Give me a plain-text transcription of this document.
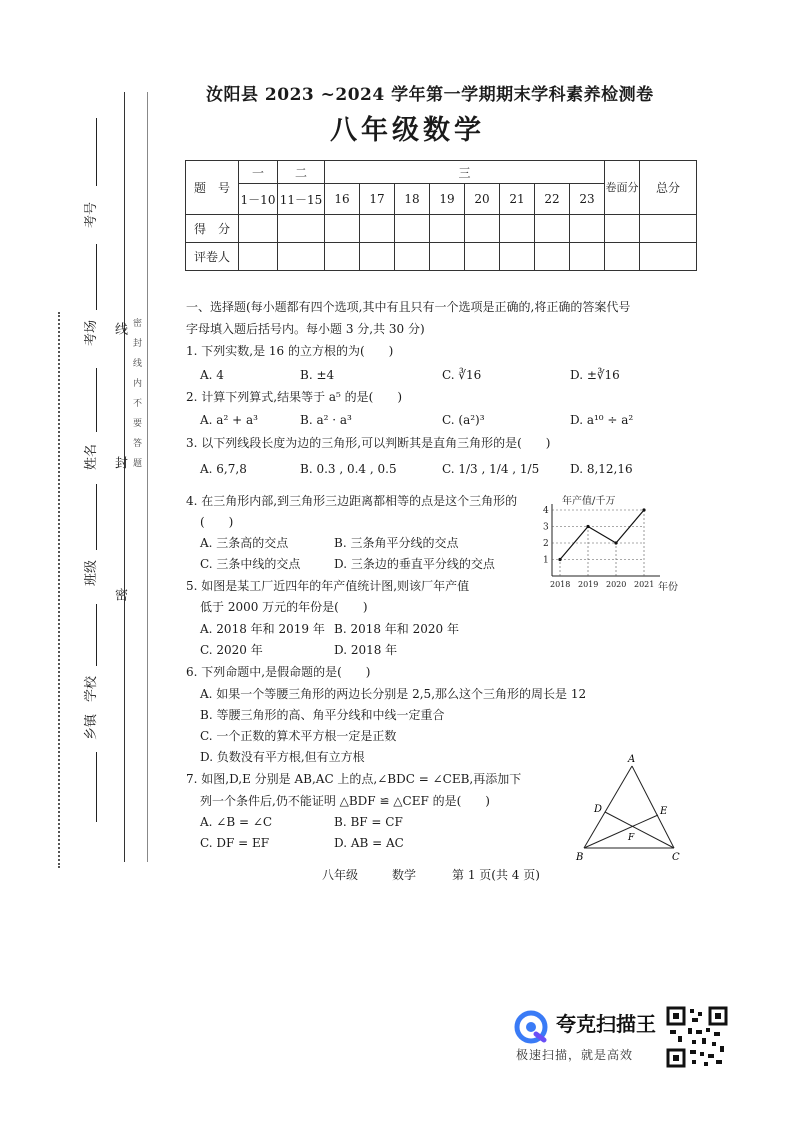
考号
考场
姓名
班级
学校
乡镇
线
封
密
密　封　线　内　不　要　答　题
汝阳县 2023 ~2024 学年第一学期期末学科素养检测卷
八年级数学
题　号	一	二	三								卷面分	总分
	1－10	11－15	16	17	18	19	20	21	22	23		
得　分												
评卷人												
一、选择题(每小题都有四个选项,其中有且只有一个选项是正确的,将正确的答案代号
字母填入题后括号内。每小题 3 分,共 30 分)
1. 下列实数,是 16 的立方根的为(　　)
A. 4	B. ±4	C. ∛16	D. ±∛16
2. 计算下列算式,结果等于 a⁵ 的是(　　)
A. a² + a³	B. a² · a³	C. (a²)³	D. a¹⁰ ÷ a²
3. 以下列线段长度为边的三角形,可以判断其是直角三角形的是(　　)
A. 6,7,8	B. 0.3 , 0.4 , 0.5	C. 1/3 , 1/4 , 1/5	D. 8,12,16
4. 在三角形内部,到三角形三边距离都相等的点是这个三角形的
(　　)
A. 三条高的交点	B. 三条角平分线的交点
C. 三条中线的交点	D. 三条边的垂直平分线的交点
5. 如图是某工厂近四年的年产值统计图,则该厂年产值
低于 2000 万元的年份是(　　)
A. 2018 年和 2019 年 B. 2018 年和 2020 年
C. 2020 年	D. 2018 年
6. 下列命题中,是假命题的是(　　)
A. 如果一个等腰三角形的两边长分别是 2,5,那么这个三角形的周长是 12
B. 等腰三角形的高、角平分线和中线一定重合
C. 一个正数的算术平方根一定是正数
D. 负数没有平方根,但有立方根
7. 如图,D,E 分别是 AB,AC 上的点,∠BDC = ∠CEB,再添加下
列一个条件后,仍不能证明 △BDF ≌ △CEF 的是(　　)
A. ∠B = ∠C	B. BF = CF
C. DF = EF	D. AB = AC
1
2
3
4
2018 2019 2020 2021
年产值/千万
年份
A
B	C
D	E
F
八年级	数学	第 1 页(共 4 页)
夸克扫描王
极速扫描，就是高效
